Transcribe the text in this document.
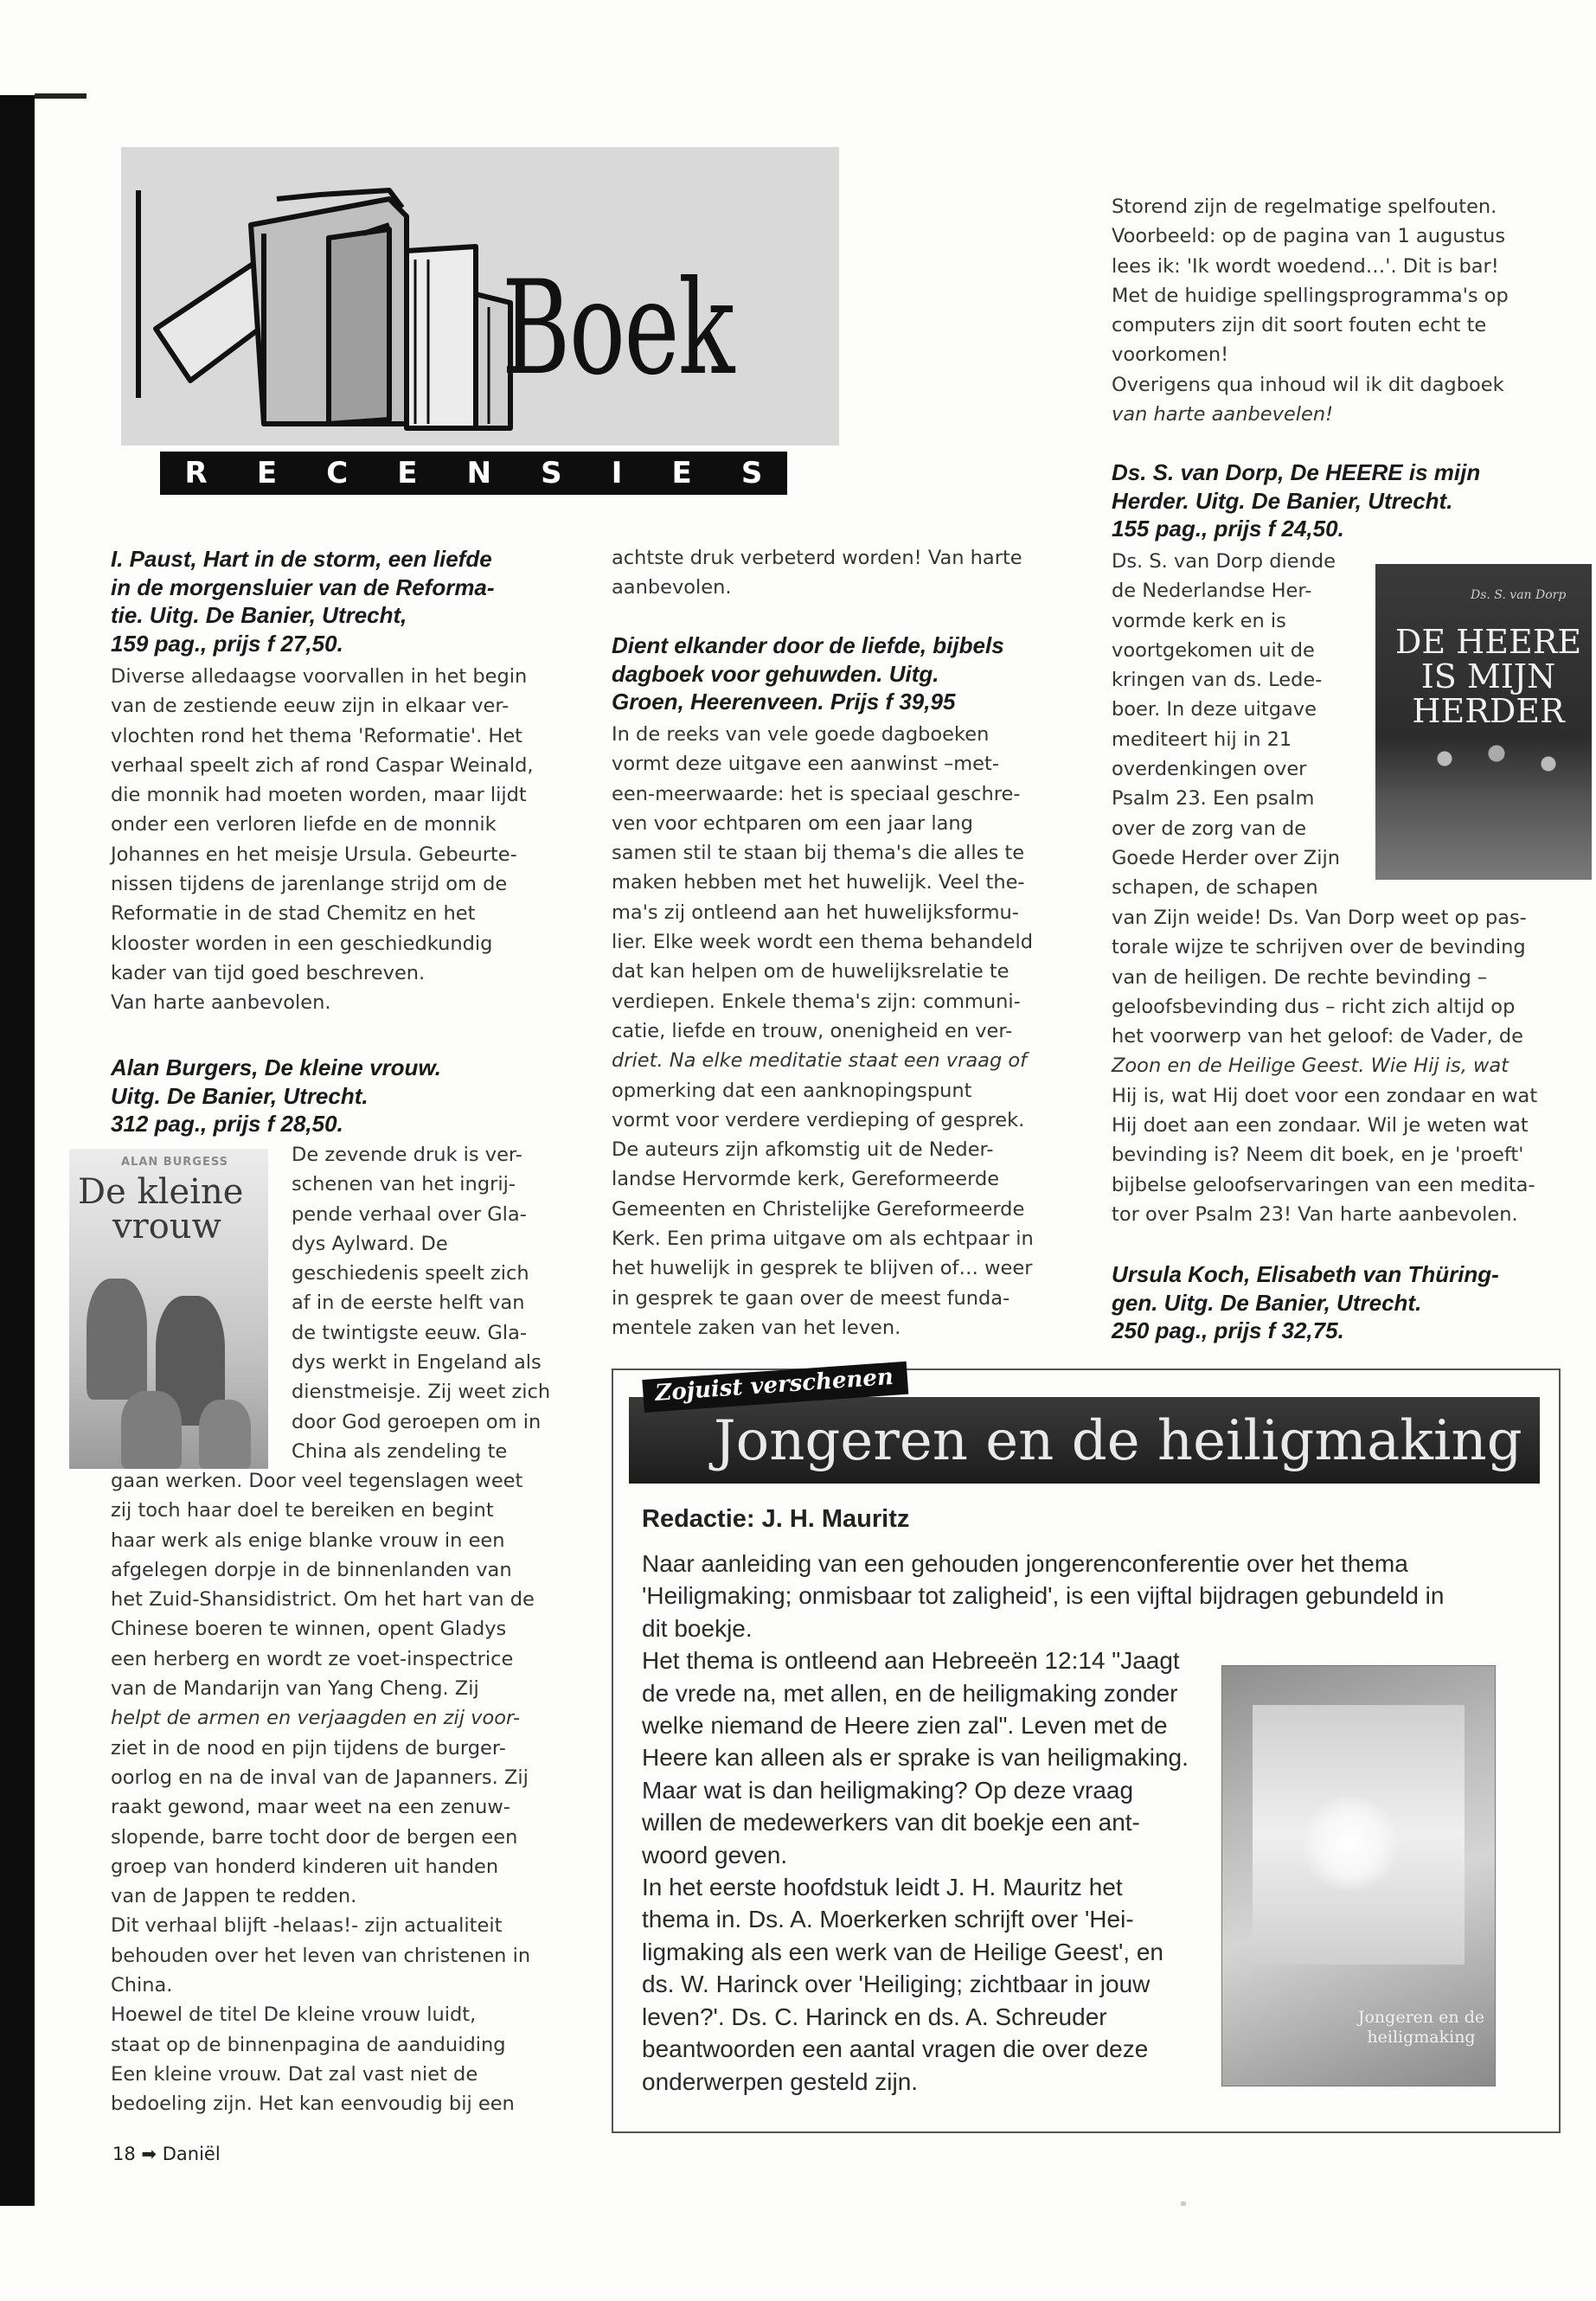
Boek
R E C E N S I E S
I. Paust, Hart in de storm, een liefde
in de morgensluier van de Reforma-
tie. Uitg. De Banier, Utrecht,
159 pag., prijs f 27,50.
Diverse alledaagse voorvallen in het begin
van de zestiende eeuw zijn in elkaar ver-
vlochten rond het thema 'Reformatie'. Het
verhaal speelt zich af rond Caspar Weinald,
die monnik had moeten worden, maar lijdt
onder een verloren liefde en de monnik
Johannes en het meisje Ursula. Gebeurte-
nissen tijdens de jarenlange strijd om de
Reformatie in de stad Chemitz en het
klooster worden in een geschiedkundig
kader van tijd goed beschreven.
Van harte aanbevolen.
Alan Burgers, De kleine vrouw.
Uitg. De Banier, Utrecht.
312 pag., prijs f 28,50.
ALAN BURGESS
De kleine
vrouw
De zevende druk is ver-
schenen van het ingrij-
pende verhaal over Gla-
dys Aylward. De
geschiedenis speelt zich
af in de eerste helft van
de twintigste eeuw. Gla-
dys werkt in Engeland als
dienstmeisje. Zij weet zich
door God geroepen om in
China als zendeling te
gaan werken. Door veel tegenslagen weet
zij toch haar doel te bereiken en begint
haar werk als enige blanke vrouw in een
afgelegen dorpje in de binnenlanden van
het Zuid-Shansidistrict. Om het hart van de
Chinese boeren te winnen, opent Gladys
een herberg en wordt ze voet-inspectrice
van de Mandarijn van Yang Cheng. Zij
helpt de armen en verjaagden en zij voor-
ziet in de nood en pijn tijdens de burger-
oorlog en na de inval van de Japanners. Zij
raakt gewond, maar weet na een zenuw-
slopende, barre tocht door de bergen een
groep van honderd kinderen uit handen
van de Jappen te redden.
Dit verhaal blijft -helaas!- zijn actualiteit
behouden over het leven van christenen in
China.
Hoewel de titel De kleine vrouw luidt,
staat op de binnenpagina de aanduiding
Een kleine vrouw. Dat zal vast niet de
bedoeling zijn. Het kan eenvoudig bij een
achtste druk verbeterd worden! Van harte
aanbevolen.
Dient elkander door de liefde, bijbels
dagboek voor gehuwden. Uitg.
Groen, Heerenveen. Prijs f 39,95
In de reeks van vele goede dagboeken
vormt deze uitgave een aanwinst –met-
een-meerwaarde: het is speciaal geschre-
ven voor echtparen om een jaar lang
samen stil te staan bij thema's die alles te
maken hebben met het huwelijk. Veel the-
ma's zij ontleend aan het huwelijksformu-
lier. Elke week wordt een thema behandeld
dat kan helpen om de huwelijksrelatie te
verdiepen. Enkele thema's zijn: communi-
catie, liefde en trouw, onenigheid en ver-
driet. Na elke meditatie staat een vraag of
opmerking dat een aanknopingspunt
vormt voor verdere verdieping of gesprek.
De auteurs zijn afkomstig uit de Neder-
landse Hervormde kerk, Gereformeerde
Gemeenten en Christelijke Gereformeerde
Kerk. Een prima uitgave om als echtpaar in
het huwelijk in gesprek te blijven of… weer
in gesprek te gaan over de meest funda-
mentele zaken van het leven.
Storend zijn de regelmatige spelfouten.
Voorbeeld: op de pagina van 1 augustus
lees ik: 'Ik wordt woedend…'. Dit is bar!
Met de huidige spellingsprogramma's op
computers zijn dit soort fouten echt te
voorkomen!
Overigens qua inhoud wil ik dit dagboek
van harte aanbevelen!
Ds. S. van Dorp, De HEERE is mijn
Herder. Uitg. De Banier, Utrecht.
155 pag., prijs f 24,50.
Ds. S. van Dorp diende
de Nederlandse Her-
vormde kerk en is
voortgekomen uit de
kringen van ds. Lede-
boer. In deze uitgave
mediteert hij in 21
overdenkingen over
Psalm 23. Een psalm
over de zorg van de
Goede Herder over Zijn
schapen, de schapen
Ds. S. van Dorp
DE HEERE
IS MIJN
HERDER
van Zijn weide! Ds. Van Dorp weet op pas-
torale wijze te schrijven over de bevinding
van de heiligen. De rechte bevinding –
geloofsbevinding dus – richt zich altijd op
het voorwerp van het geloof: de Vader, de
Zoon en de Heilige Geest. Wie Hij is, wat
Hij is, wat Hij doet voor een zondaar en wat
Hij doet aan een zondaar. Wil je weten wat
bevinding is? Neem dit boek, en je 'proeft'
bijbelse geloofservaringen van een medita-
tor over Psalm 23! Van harte aanbevolen.
Ursula Koch, Elisabeth van Thüring-
gen. Uitg. De Banier, Utrecht.
250 pag., prijs f 32,75.
Jongeren en de heiligmaking
Zojuist verschenen
Redactie: J. H. Mauritz
Naar aanleiding van een gehouden jongerenconferentie over het thema
'Heiligmaking; onmisbaar tot zaligheid', is een vijftal bijdragen gebundeld in
dit boekje.
Het thema is ontleend aan Hebreeën 12:14 "Jaagt
de vrede na, met allen, en de heiligmaking zonder
welke niemand de Heere zien zal". Leven met de
Heere kan alleen als er sprake is van heiligmaking.
Maar wat is dan heiligmaking? Op deze vraag
willen de medewerkers van dit boekje een ant-
woord geven.
In het eerste hoofdstuk leidt J. H. Mauritz het
thema in. Ds. A. Moerkerken schrijft over 'Hei-
ligmaking als een werk van de Heilige Geest', en
ds. W. Harinck over 'Heiliging; zichtbaar in jouw
leven?'. Ds. C. Harinck en ds. A. Schreuder
beantwoorden een aantal vragen die over deze
onderwerpen gesteld zijn.
Jongeren en de
heiligmaking
18 ➡ Daniël
